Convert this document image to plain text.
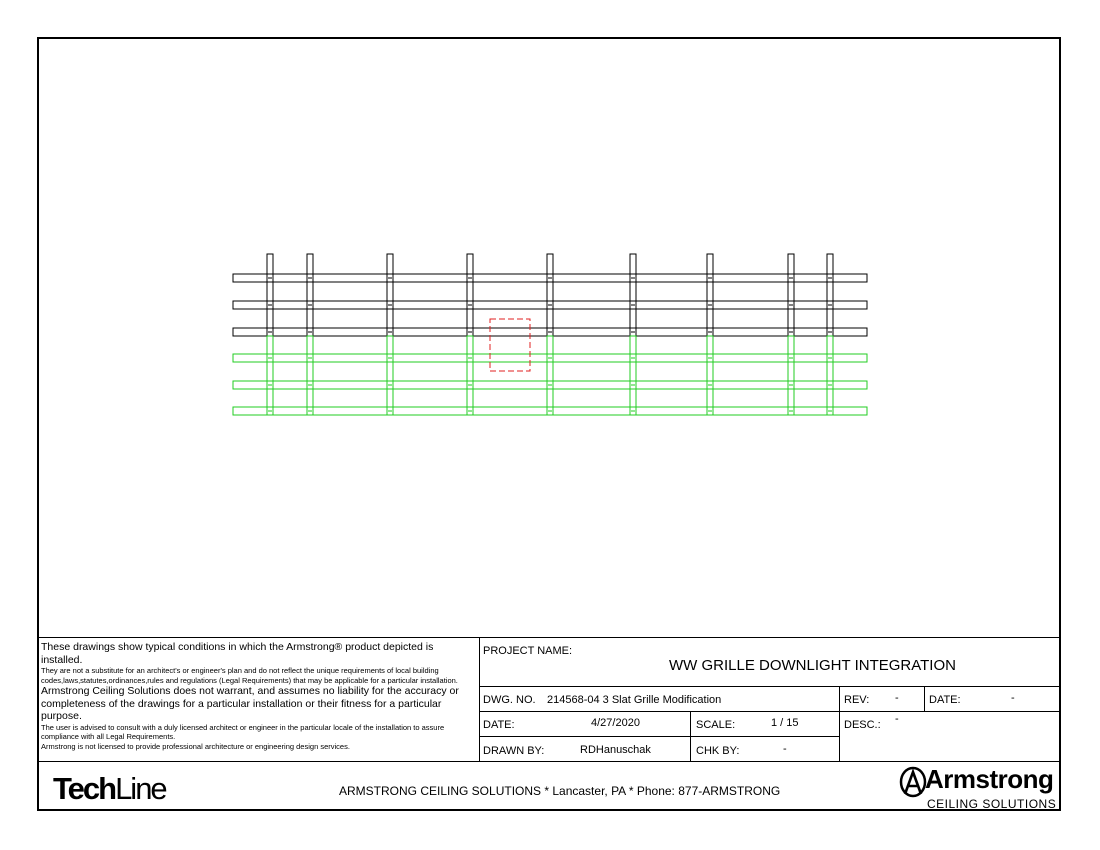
These drawings show typical conditions in which the Armstrong® product depicted is installed.
They are not a substitute for an architect's or engineer's plan and do not reflect the unique requirements of local building codes,laws,statutes,ordinances,rules and regulations (Legal Requirements) that may be applicable for a particular installation.
Armstrong Ceiling Solutions does not warrant, and assumes no liability for the accuracy or completeness of the drawings for a particular installation or their fitness for a particular purpose.
The user is advised to consult with a duly licensed architect or engineer in the particular locale of the installation to assure compliance with all Legal Requirements.
Armstrong is not licensed to provide professional architecture or engineering design services.
PROJECT NAME:
WW GRILLE DOWNLIGHT INTEGRATION
DWG. NO. 214568-04 3 Slat Grille Modification	REV: -	DATE:	-
DATE:	4/27/2020	SCALE:	1 / 15	DESC.: -
DRAWN BY:	RDHanuschak	CHK BY:	-
TechLine	ARMSTRONG CEILING SOLUTIONS * Lancaster, PA * Phone: 877-ARMSTRONG	Armstrong
CEILING SOLUTIONS
